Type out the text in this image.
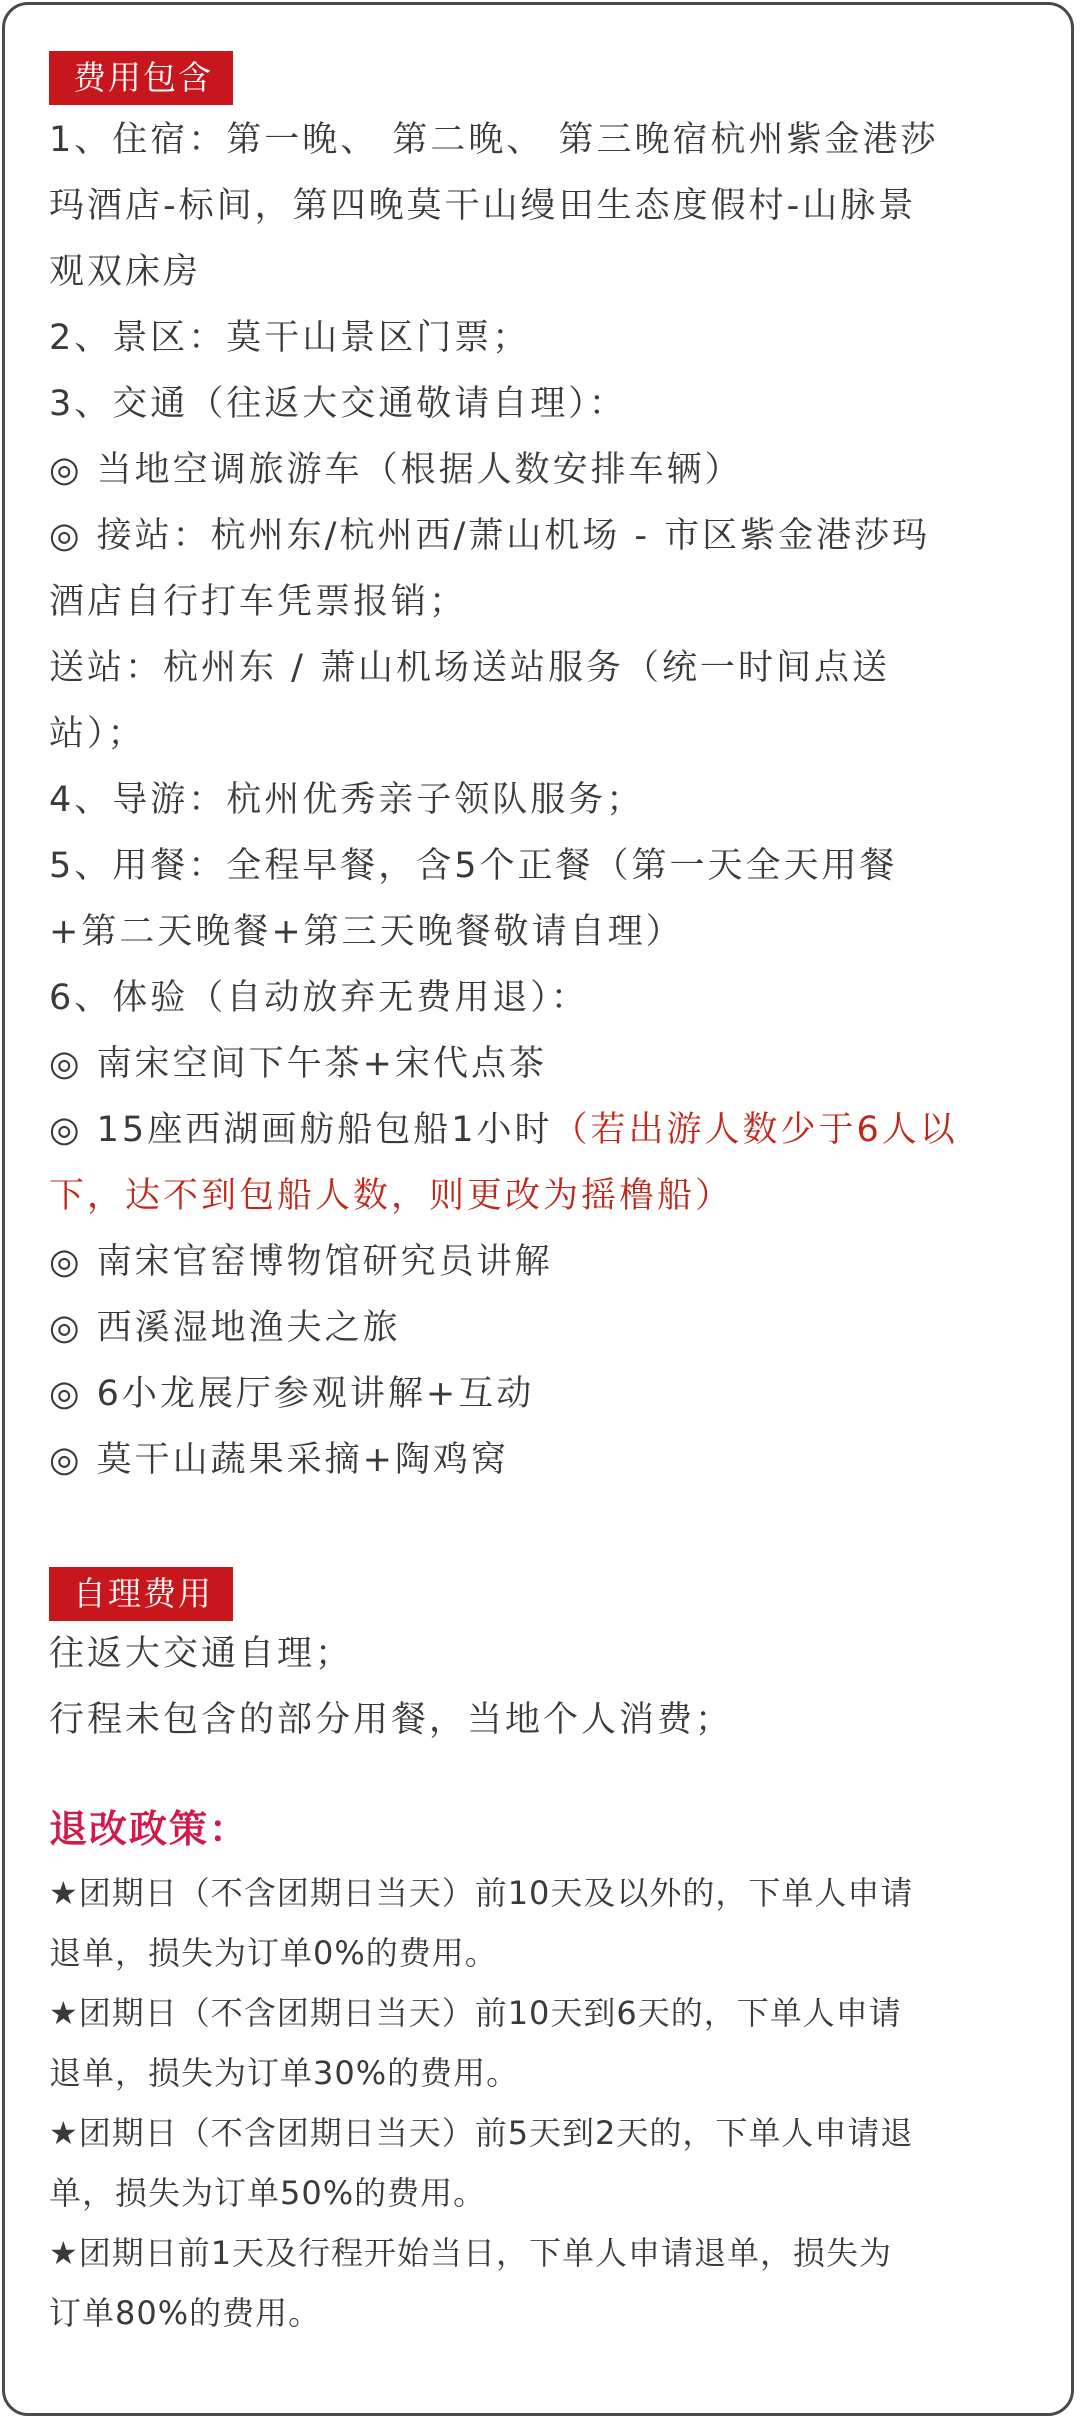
费用包含
1、住宿：第一晚、 第二晚、 第三晚宿杭州紫金港莎
玛酒店-标间，第四晚莫干山缦田生态度假村-山脉景
观双床房
2、景区：莫干山景区门票；
3、交通（往返大交通敬请自理）：
◎ 当地空调旅游车（根据人数安排车辆）
◎ 接站：杭州东/杭州西/萧山机场 - 市区紫金港莎玛
酒店自行打车凭票报销；
送站：杭州东 / 萧山机场送站服务（统一时间点送
站）；
4、导游：杭州优秀亲子领队服务；
5、用餐：全程早餐，含5个正餐（第一天全天用餐
+第二天晚餐+第三天晚餐敬请自理）
6、体验（自动放弃无费用退）：
◎ 南宋空间下午茶+宋代点茶
◎ 15座西湖画舫船包船1小时（若出游人数少于6人以
下，达不到包船人数，则更改为摇橹船）
◎ 南宋官窑博物馆研究员讲解
◎ 西溪湿地渔夫之旅
◎ 6小龙展厅参观讲解+互动
◎ 莫干山蔬果采摘+陶鸡窝
自理费用
往返大交通自理；
行程未包含的部分用餐，当地个人消费；
退改政策：
★团期日（不含团期日当天）前10天及以外的，下单人申请
退单，损失为订单0%的费用。
★团期日（不含团期日当天）前10天到6天的，下单人申请
退单，损失为订单30%的费用。
★团期日（不含团期日当天）前5天到2天的，下单人申请退
单，损失为订单50%的费用。
★团期日前1天及行程开始当日，下单人申请退单，损失为
订单80%的费用。
